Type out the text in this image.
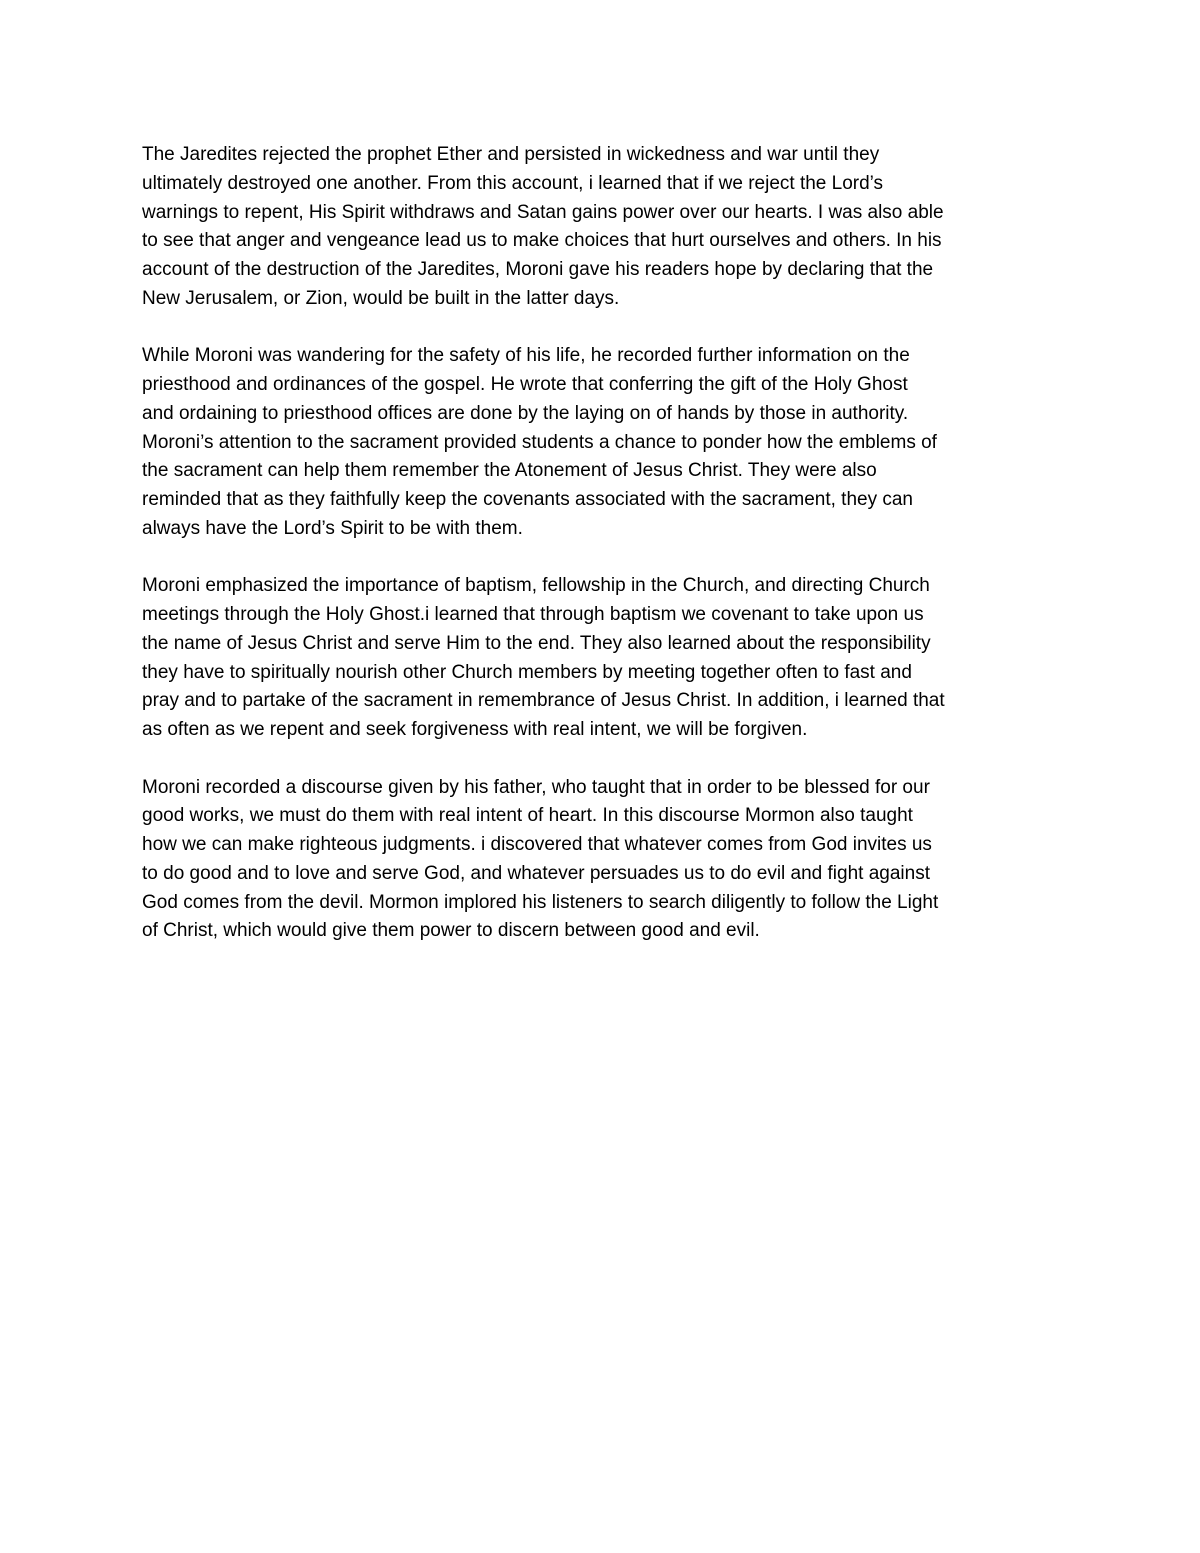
The Jaredites rejected the prophet Ether and persisted in wickedness and war until they
ultimately destroyed one another. From this account, i learned that if we reject the Lord’s
warnings to repent, His Spirit withdraws and Satan gains power over our hearts. I was also able
to see that anger and vengeance lead us to make choices that hurt ourselves and others. In his
account of the destruction of the Jaredites, Moroni gave his readers hope by declaring that the
New Jerusalem, or Zion, would be built in the latter days.

While Moroni was wandering for the safety of his life, he recorded further information on the
priesthood and ordinances of the gospel. He wrote that conferring the gift of the Holy Ghost
and ordaining to priesthood offices are done by the laying on of hands by those in authority.
Moroni’s attention to the sacrament provided students a chance to ponder how the emblems of
the sacrament can help them remember the Atonement of Jesus Christ. They were also
reminded that as they faithfully keep the covenants associated with the sacrament, they can
always have the Lord’s Spirit to be with them.

Moroni emphasized the importance of baptism, fellowship in the Church, and directing Church
meetings through the Holy Ghost.i learned that through baptism we covenant to take upon us
the name of Jesus Christ and serve Him to the end. They also learned about the responsibility
they have to spiritually nourish other Church members by meeting together often to fast and
pray and to partake of the sacrament in remembrance of Jesus Christ. In addition, i learned that
as often as we repent and seek forgiveness with real intent, we will be forgiven.

Moroni recorded a discourse given by his father, who taught that in order to be blessed for our
good works, we must do them with real intent of heart. In this discourse Mormon also taught
how we can make righteous judgments. i discovered that whatever comes from God invites us
to do good and to love and serve God, and whatever persuades us to do evil and fight against
God comes from the devil. Mormon implored his listeners to search diligently to follow the Light
of Christ, which would give them power to discern between good and evil.
